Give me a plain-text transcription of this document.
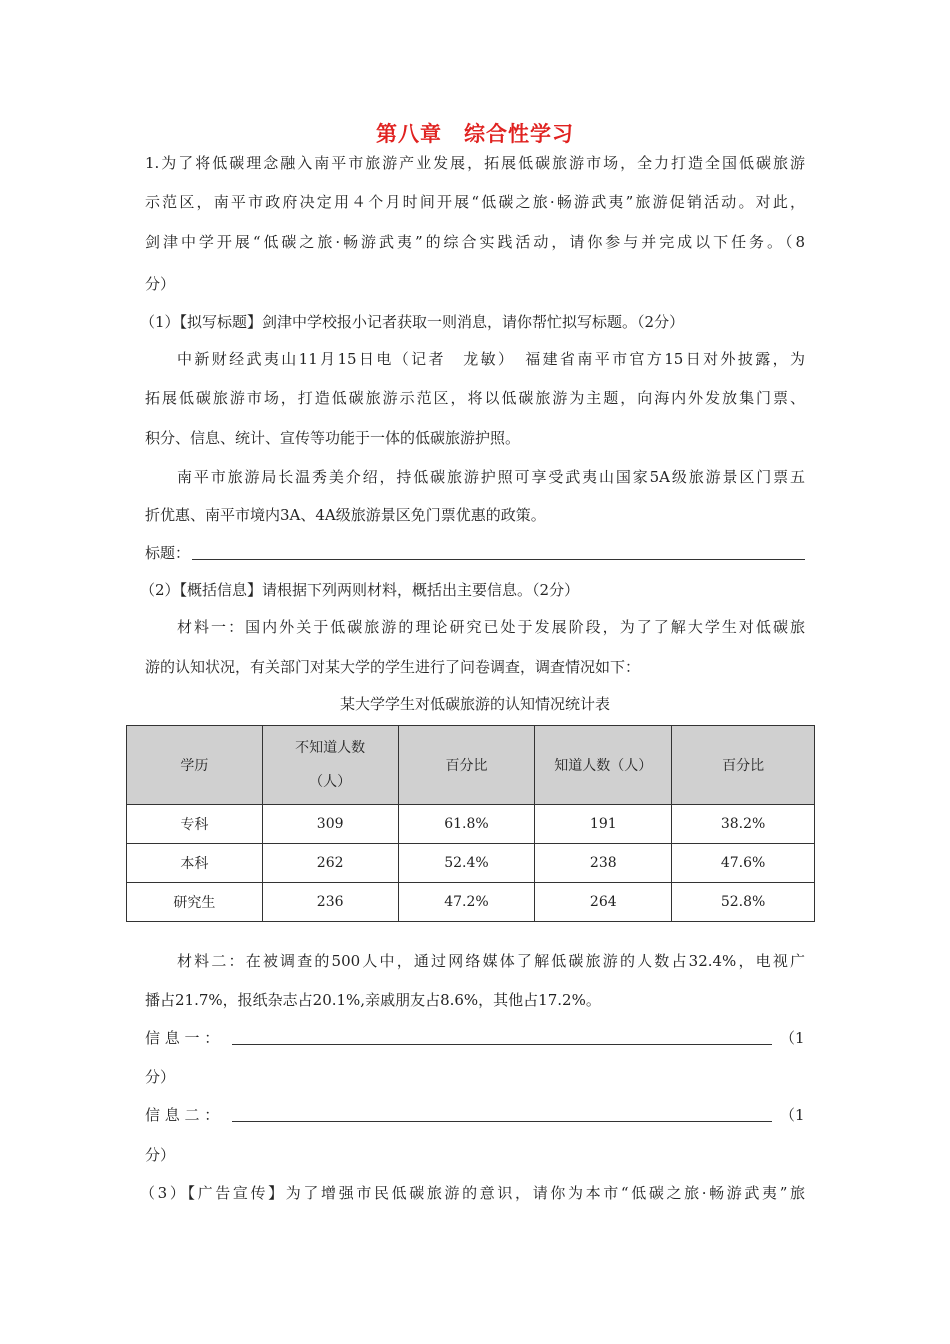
第八章　综合性学习
1.为了将低碳理念融入南平市旅游产业发展，拓展低碳旅游市场，全力打造全国低碳旅游
示范区，南平市政府决定用４个月时间开展“低碳之旅·畅游武夷”旅游促销活动。对此，
剑津中学开展“低碳之旅·畅游武夷”的综合实践活动，请你参与并完成以下任务。（8
分）
（1）【拟写标题】剑津中学校报小记者获取一则消息，请你帮忙拟写标题。（2分）
中新财经武夷山11月15日电（记者　龙敏）　福建省南平市官方15日对外披露，为
拓展低碳旅游市场，打造低碳旅游示范区，将以低碳旅游为主题，向海内外发放集门票、
积分、信息、统计、宣传等功能于一体的低碳旅游护照。
南平市旅游局长温秀美介绍，持低碳旅游护照可享受武夷山国家5A级旅游景区门票五
折优惠、南平市境内3A、4A级旅游景区免门票优惠的政策。
标题：
（2）【概括信息】请根据下列两则材料，概括出主要信息。（2分）
材料一：国内外关于低碳旅游的理论研究已处于发展阶段，为了了解大学生对低碳旅
游的认知状况，有关部门对某大学的学生进行了问卷调查，调查情况如下：
某大学学生对低碳旅游的认知情况统计表
学历	不知道人数
（人）	百分比	知道人数（人）	百分比
专科	309	61.8%	191	38.2%
本科	262	52.4%	238	47.6%
研究生	236	47.2%	264	52.8%
材料二：在被调查的500人中，通过网络媒体了解低碳旅游的人数占32.4%，电视广
播占21.7%，报纸杂志占20.1%,亲戚朋友占8.6%，其他占17.2%。
信 息 一 ：	（1
分）
信 息 二 ：	（1
分）
（3）【广告宣传】为了增强市民低碳旅游的意识，请你为本市“低碳之旅·畅游武夷”旅
